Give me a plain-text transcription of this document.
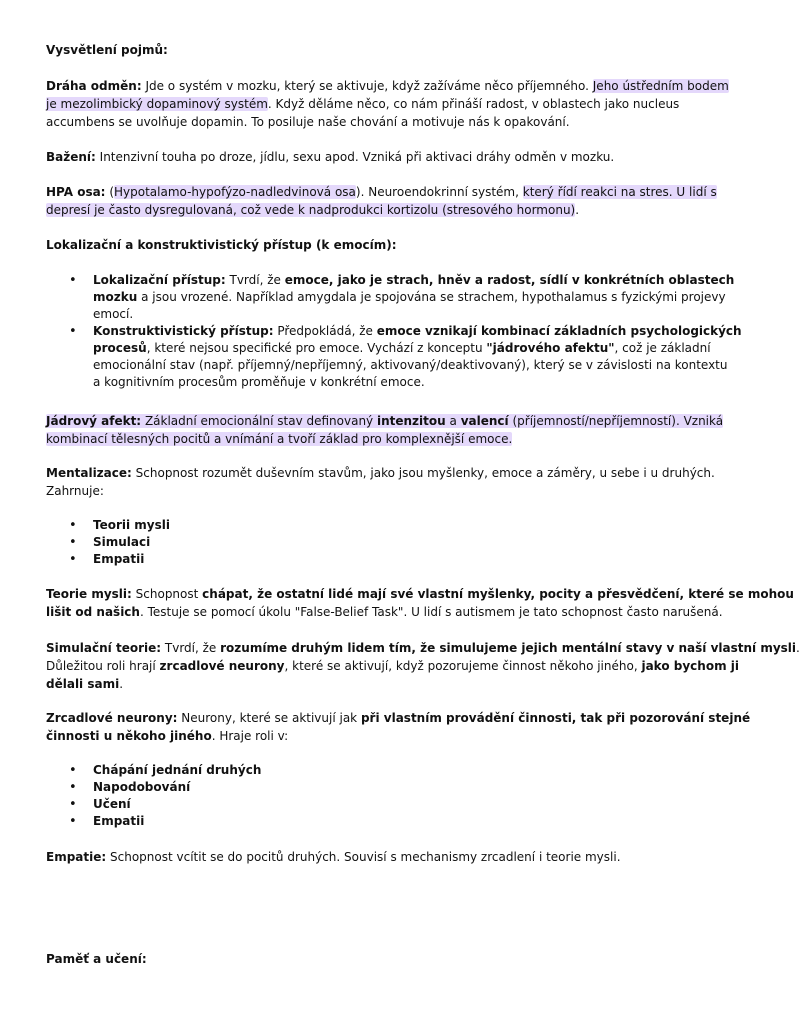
Vysvětlení pojmů:
Dráha odměn: Jde o systém v mozku, který se aktivuje, když zažíváme něco příjemného. Jeho ústředním bodem
je mezolimbický dopaminový systém. Když děláme něco, co nám přináší radost, v oblastech jako nucleus
accumbens se uvolňuje dopamin. To posiluje naše chování a motivuje nás k opakování.
Bažení: Intenzivní touha po droze, jídlu, sexu apod. Vzniká při aktivaci dráhy odměn v mozku.
HPA osa: (Hypotalamo-hypofýzo-nadledvinová osa). Neuroendokrinní systém, který řídí reakci na stres. U lidí s
depresí je často dysregulovaná, což vede k nadprodukci kortizolu (stresového hormonu).
Lokalizační a konstruktivistický přístup (k emocím):
• Lokalizační přístup: Tvrdí, že emoce, jako je strach, hněv a radost, sídlí v konkrétních oblastech
mozku a jsou vrozené. Například amygdala je spojována se strachem, hypothalamus s fyzickými projevy
emocí.
• Konstruktivistický přístup: Předpokládá, že emoce vznikají kombinací základních psychologických
procesů, které nejsou specifické pro emoce. Vychází z konceptu "jádrového afektu", což je základní
emocionální stav (např. příjemný/nepříjemný, aktivovaný/deaktivovaný), který se v závislosti na kontextu
a kognitivním procesům proměňuje v konkrétní emoce.
Jádrový afekt: Základní emocionální stav definovaný intenzitou a valencí (příjemností/nepříjemností). Vzniká
kombinací tělesných pocitů a vnímání a tvoří základ pro komplexnější emoce.
Mentalizace: Schopnost rozumět duševním stavům, jako jsou myšlenky, emoce a záměry, u sebe i u druhých.
Zahrnuje:
• Teorii mysli
• Simulaci
• Empatii
Teorie mysli: Schopnost chápat, že ostatní lidé mají své vlastní myšlenky, pocity a přesvědčení, které se mohou
lišit od našich. Testuje se pomocí úkolu "False-Belief Task". U lidí s autismem je tato schopnost často narušená.
Simulační teorie: Tvrdí, že rozumíme druhým lidem tím, že simulujeme jejich mentální stavy v naší vlastní mysli.
Důležitou roli hrají zrcadlové neurony, které se aktivují, když pozorujeme činnost někoho jiného, jako bychom ji
dělali sami.
Zrcadlové neurony: Neurony, které se aktivují jak při vlastním provádění činnosti, tak při pozorování stejné
činnosti u někoho jiného. Hraje roli v:
• Chápání jednání druhých
• Napodobování
• Učení
• Empatii
Empatie: Schopnost vcítit se do pocitů druhých. Souvisí s mechanismy zrcadlení i teorie mysli.
Paměť a učení:
